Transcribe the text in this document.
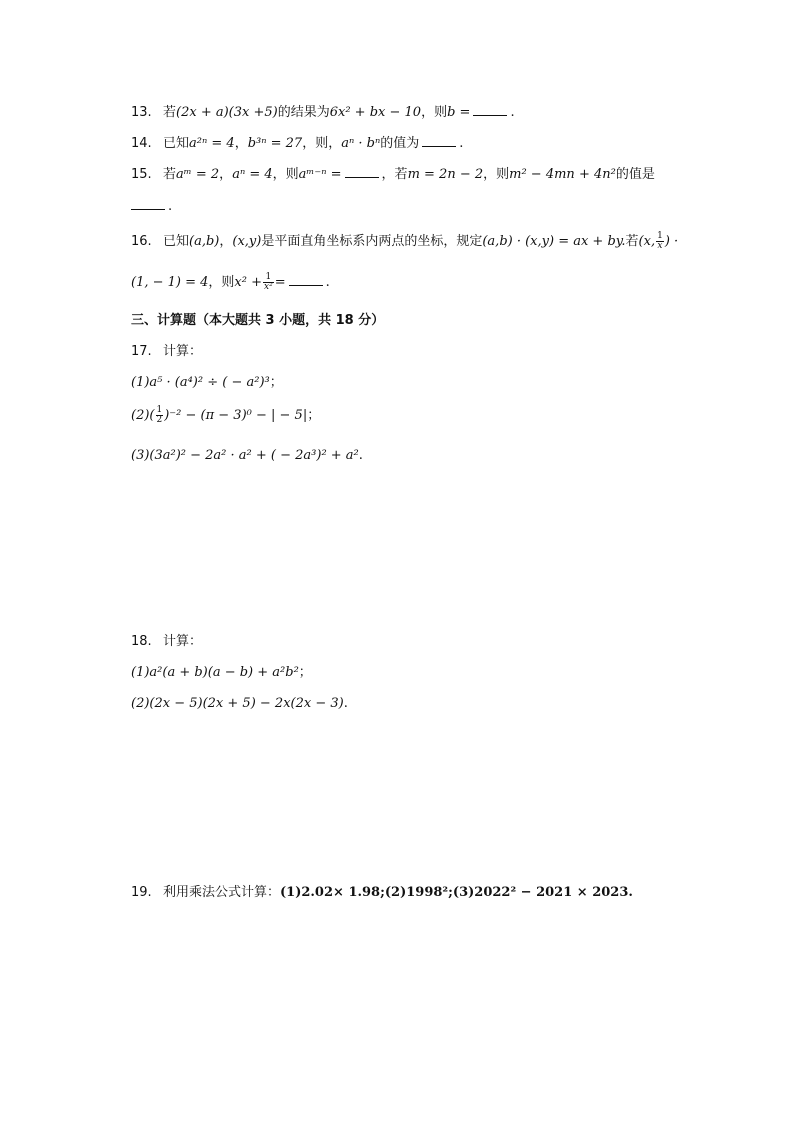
13. 若(2x + a)(3x +5)的结果为6x² + bx − 10，则b =	.
14. 已知a²ⁿ = 4，b³ⁿ = 27，则，aⁿ · bⁿ的值为	.
15. 若aᵐ = 2，aⁿ = 4，则aᵐ⁻ⁿ =	，若m = 2n − 2，则m² − 4mn + 4n²的值是
.
16. 已知(a,b)，(x,y)是平面直角坐标系内两点的坐标，规定(a,b) · (x,y) = ax + by.若(x, $\frac{1}{x}$ ) ·
(1, − 1) = 4，则$x^2 + \frac{1}{\text{x²}}$ =	.
三、计算题（本大题共 3 小题，共 18 分）
17. 计算：
(1)a⁵ · (a⁴)² ÷ ( − a²)³；
$(2)( \frac{1}{2} )^{-2} - (\pi - 3)^0$ − | − 5|；
(3)(3a²)² − 2a² · a² + ( − 2a³)² + a².
18. 计算：
(1)a²(a + b)(a − b) + a²b²；
(2)(2x − 5)(2x + 5) − 2x(2x − 3).
19. 利用乘法公式计算：(1)2.02× 1.98;(2)1998²;(3)2022² − 2021 × 2023.
